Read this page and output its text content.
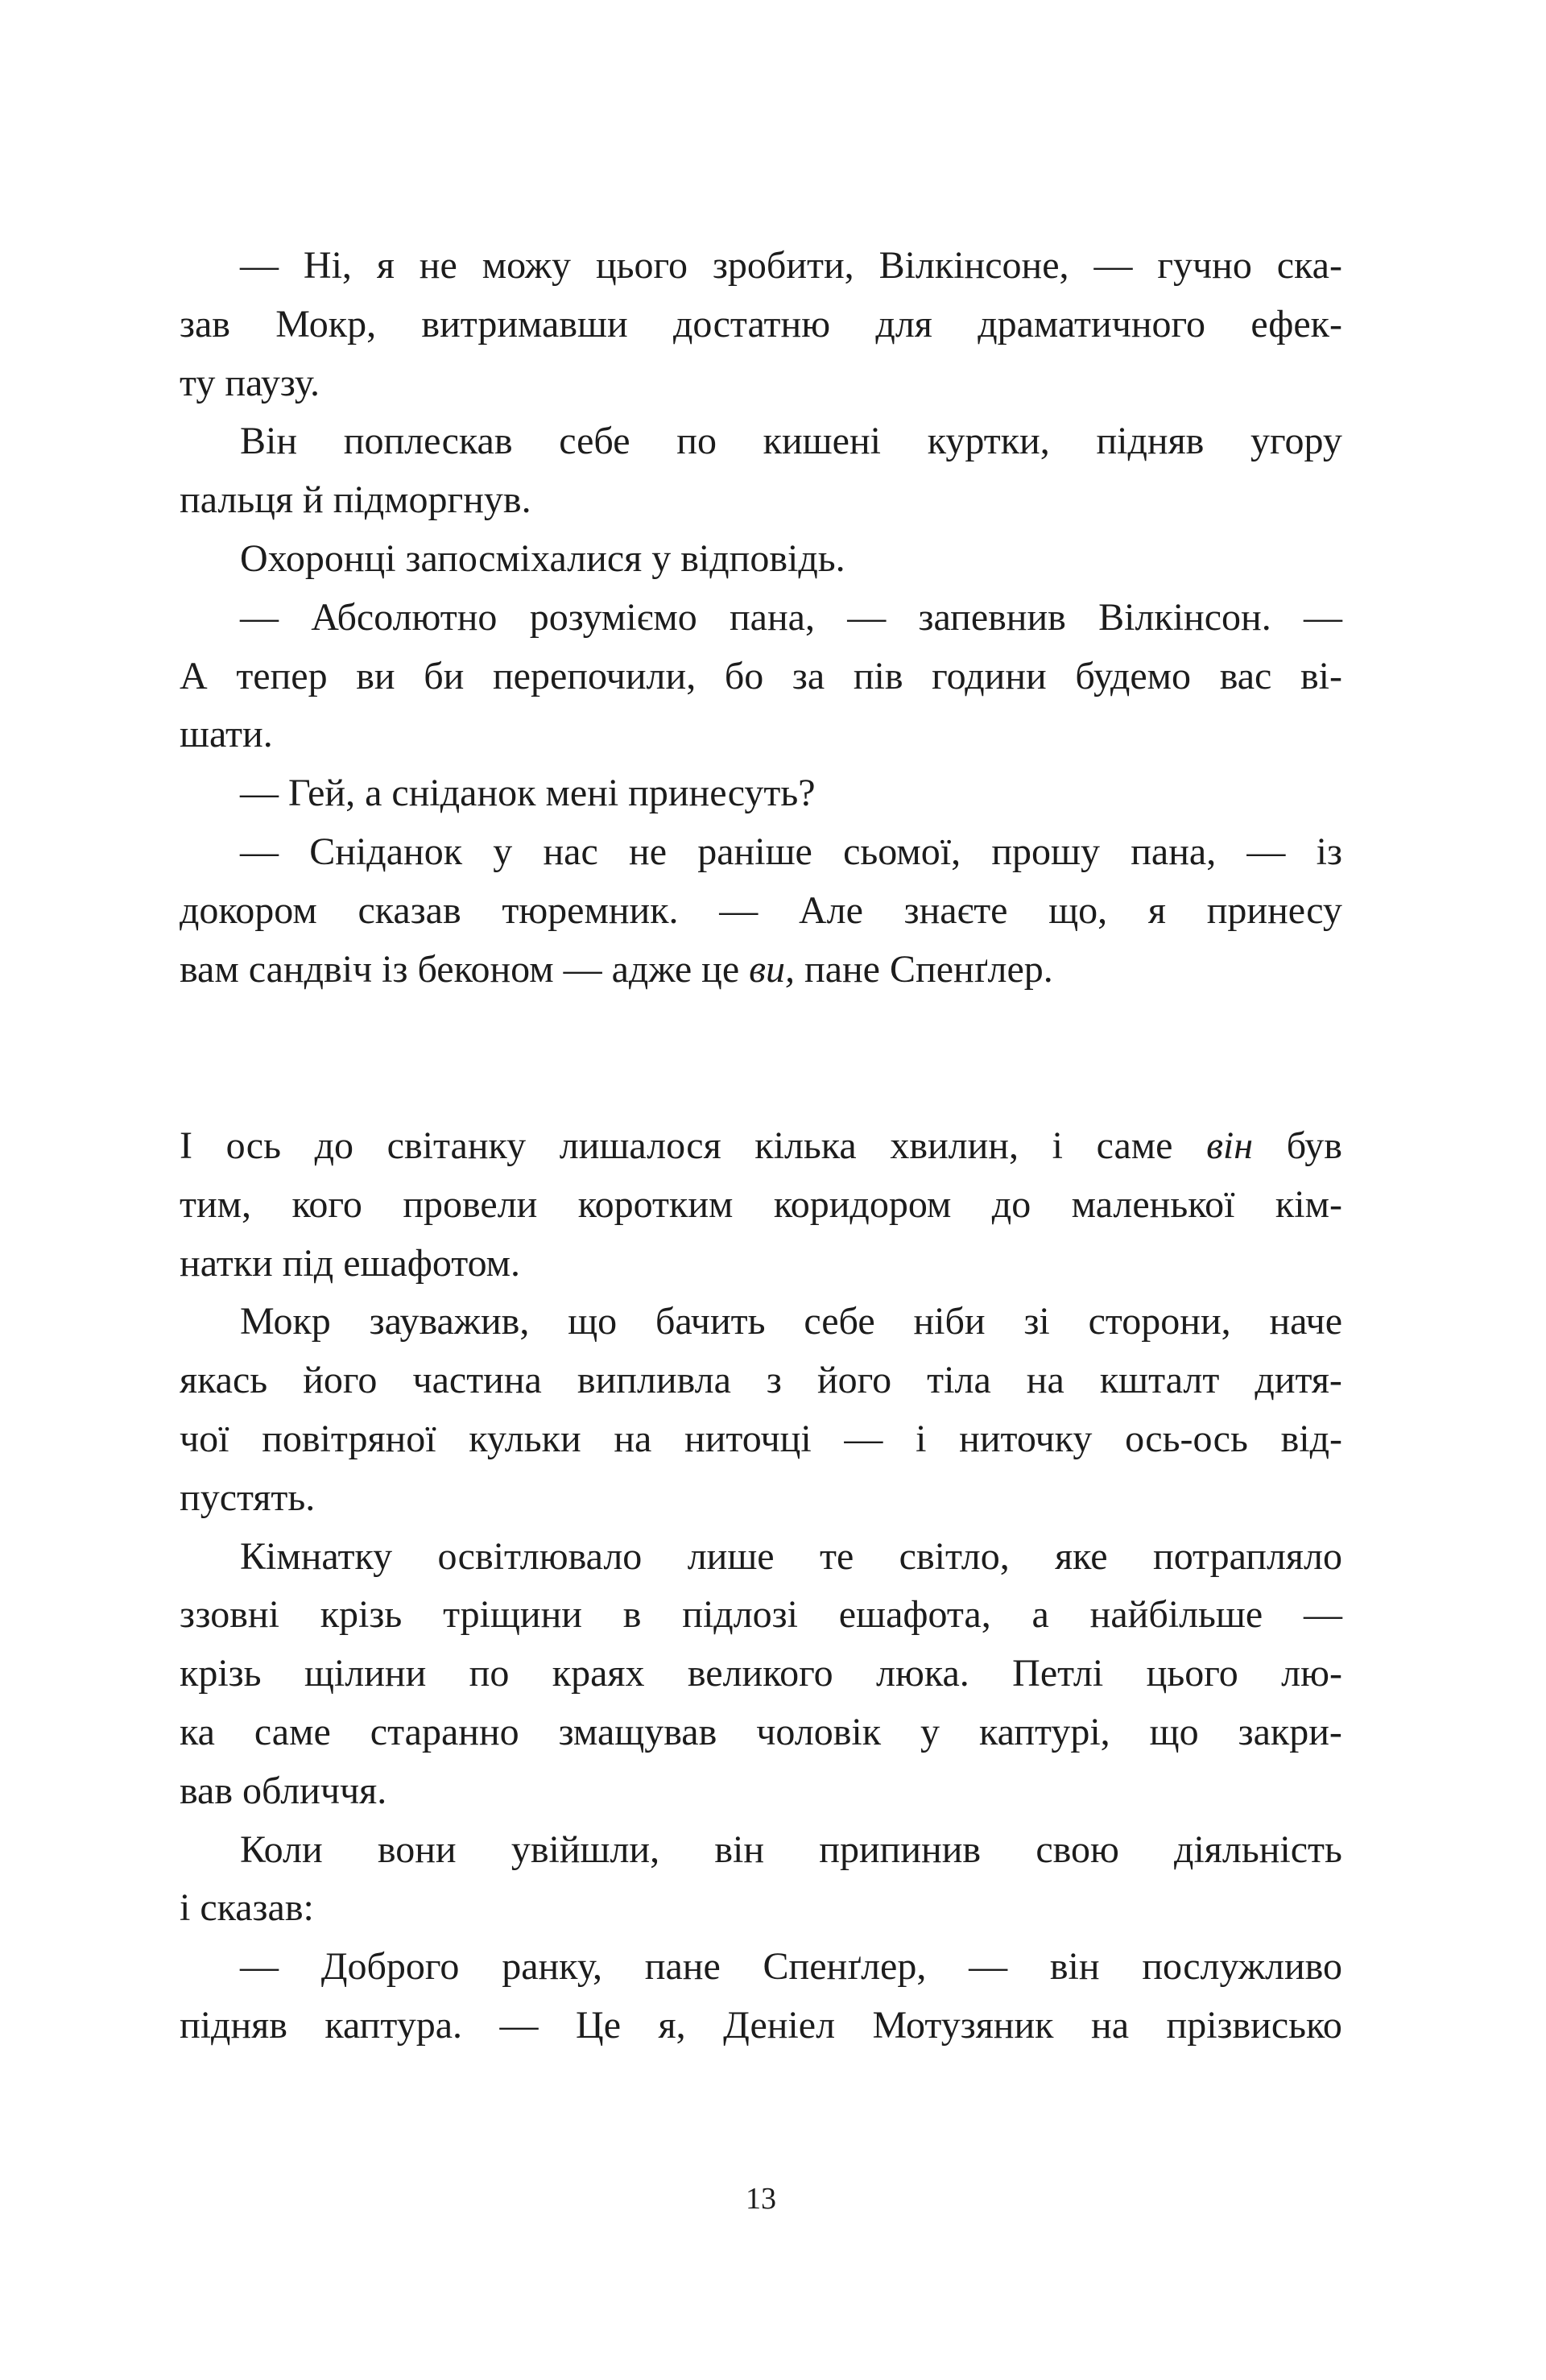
— Ні, я не можу цього зробити, Вілкінсоне, — гучно ска-
зав Мокр, витримавши достатню для драматичного ефек-
ту паузу.
Він поплескав себе по кишені куртки, підняв угору
пальця й підморгнув.
Охоронці запосміхалися у відповідь.
— Абсолютно розуміємо пана, — запевнив Вілкінсон. —
А тепер ви би перепочили, бо за пів години будемо вас ві-
шати.
— Гей, а сніданок мені принесуть?
— Сніданок у нас не раніше сьомої, прошу пана, — із
докором сказав тюремник. — Але знаєте що, я принесу
вам сандвіч із беконом — адже це ви, пане Спенґлер.
І ось до світанку лишалося кілька хвилин, і саме він був
тим, кого провели коротким коридором до маленької кім-
натки під ешафотом.
Мокр зауважив, що бачить себе ніби зі сторони, наче
якась його частина випливла з його тіла на кшталт дитя-
чої повітряної кульки на ниточці — і ниточку ось-ось від-
пустять.
Кімнатку освітлювало лише те світло, яке потрапляло
ззовні крізь тріщини в підлозі ешафота, а найбільше —
крізь щілини по краях великого люка. Петлі цього лю-
ка саме старанно змащував чоловік у каптурі, що закри-
вав обличчя.
Коли вони увійшли, він припинив свою діяльність
і сказав:
— Доброго ранку, пане Спенґлер, — він послужливо
підняв каптура. — Це я, Деніел Мотузяник на прізвисько
13
